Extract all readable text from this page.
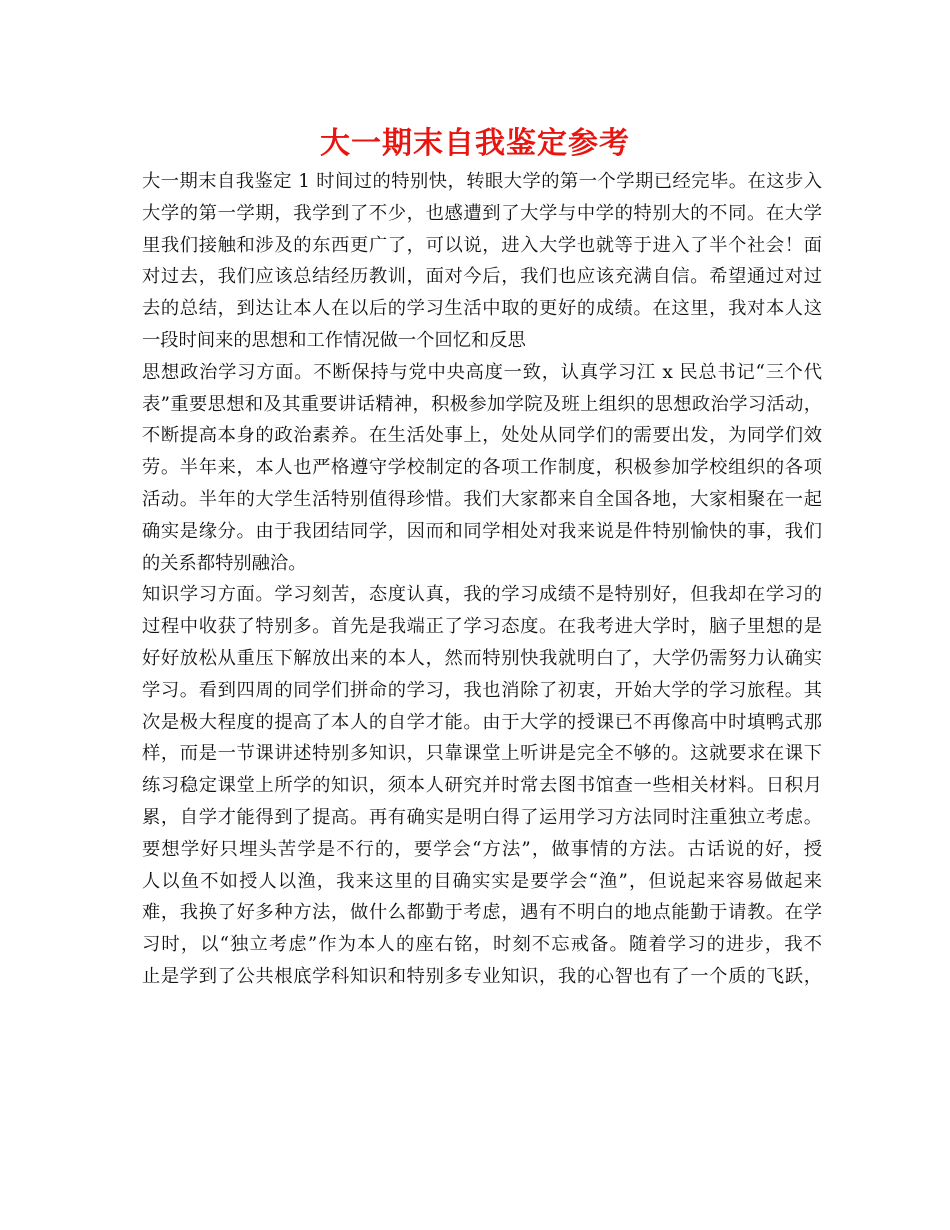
大一期末自我鉴定参考
大一期末自我鉴定 1 时间过的特别快，转眼大学的第一个学期已经完毕。在这步入
大学的第一学期，我学到了不少，也感遭到了大学与中学的特别大的不同。在大学
里我们接触和涉及的东西更广了，可以说，进入大学也就等于进入了半个社会！面
对过去，我们应该总结经历教训，面对今后，我们也应该充满自信。希望通过对过
去的总结，到达让本人在以后的学习生活中取的更好的成绩。在这里，我对本人这
一段时间来的思想和工作情况做一个回忆和反思
思想政治学习方面。不断保持与党中央高度一致，认真学习江 x 民总书记“三个代
表”重要思想和及其重要讲话精神，积极参加学院及班上组织的思想政治学习活动，
不断提高本身的政治素养。在生活处事上，处处从同学们的需要出发，为同学们效
劳。半年来，本人也严格遵守学校制定的各项工作制度，积极参加学校组织的各项
活动。半年的大学生活特别值得珍惜。我们大家都来自全国各地，大家相聚在一起
确实是缘分。由于我团结同学，因而和同学相处对我来说是件特别愉快的事，我们
的关系都特别融洽。
知识学习方面。学习刻苦，态度认真，我的学习成绩不是特别好，但我却在学习的
过程中收获了特别多。首先是我端正了学习态度。在我考进大学时，脑子里想的是
好好放松从重压下解放出来的本人，然而特别快我就明白了，大学仍需努力认确实
学习。看到四周的同学们拼命的学习，我也消除了初衷，开始大学的学习旅程。其
次是极大程度的提高了本人的自学才能。由于大学的授课已不再像高中时填鸭式那
样，而是一节课讲述特别多知识，只靠课堂上听讲是完全不够的。这就要求在课下
练习稳定课堂上所学的知识，须本人研究并时常去图书馆查一些相关材料。日积月
累，自学才能得到了提高。再有确实是明白得了运用学习方法同时注重独立考虑。
要想学好只埋头苦学是不行的，要学会“方法”，做事情的方法。古话说的好，授
人以鱼不如授人以渔，我来这里的目确实实是要学会“渔”，但说起来容易做起来
难，我换了好多种方法，做什么都勤于考虑，遇有不明白的地点能勤于请教。在学
习时，以“独立考虑”作为本人的座右铭，时刻不忘戒备。随着学习的进步，我不
止是学到了公共根底学科知识和特别多专业知识，我的心智也有了一个质的飞跃，
